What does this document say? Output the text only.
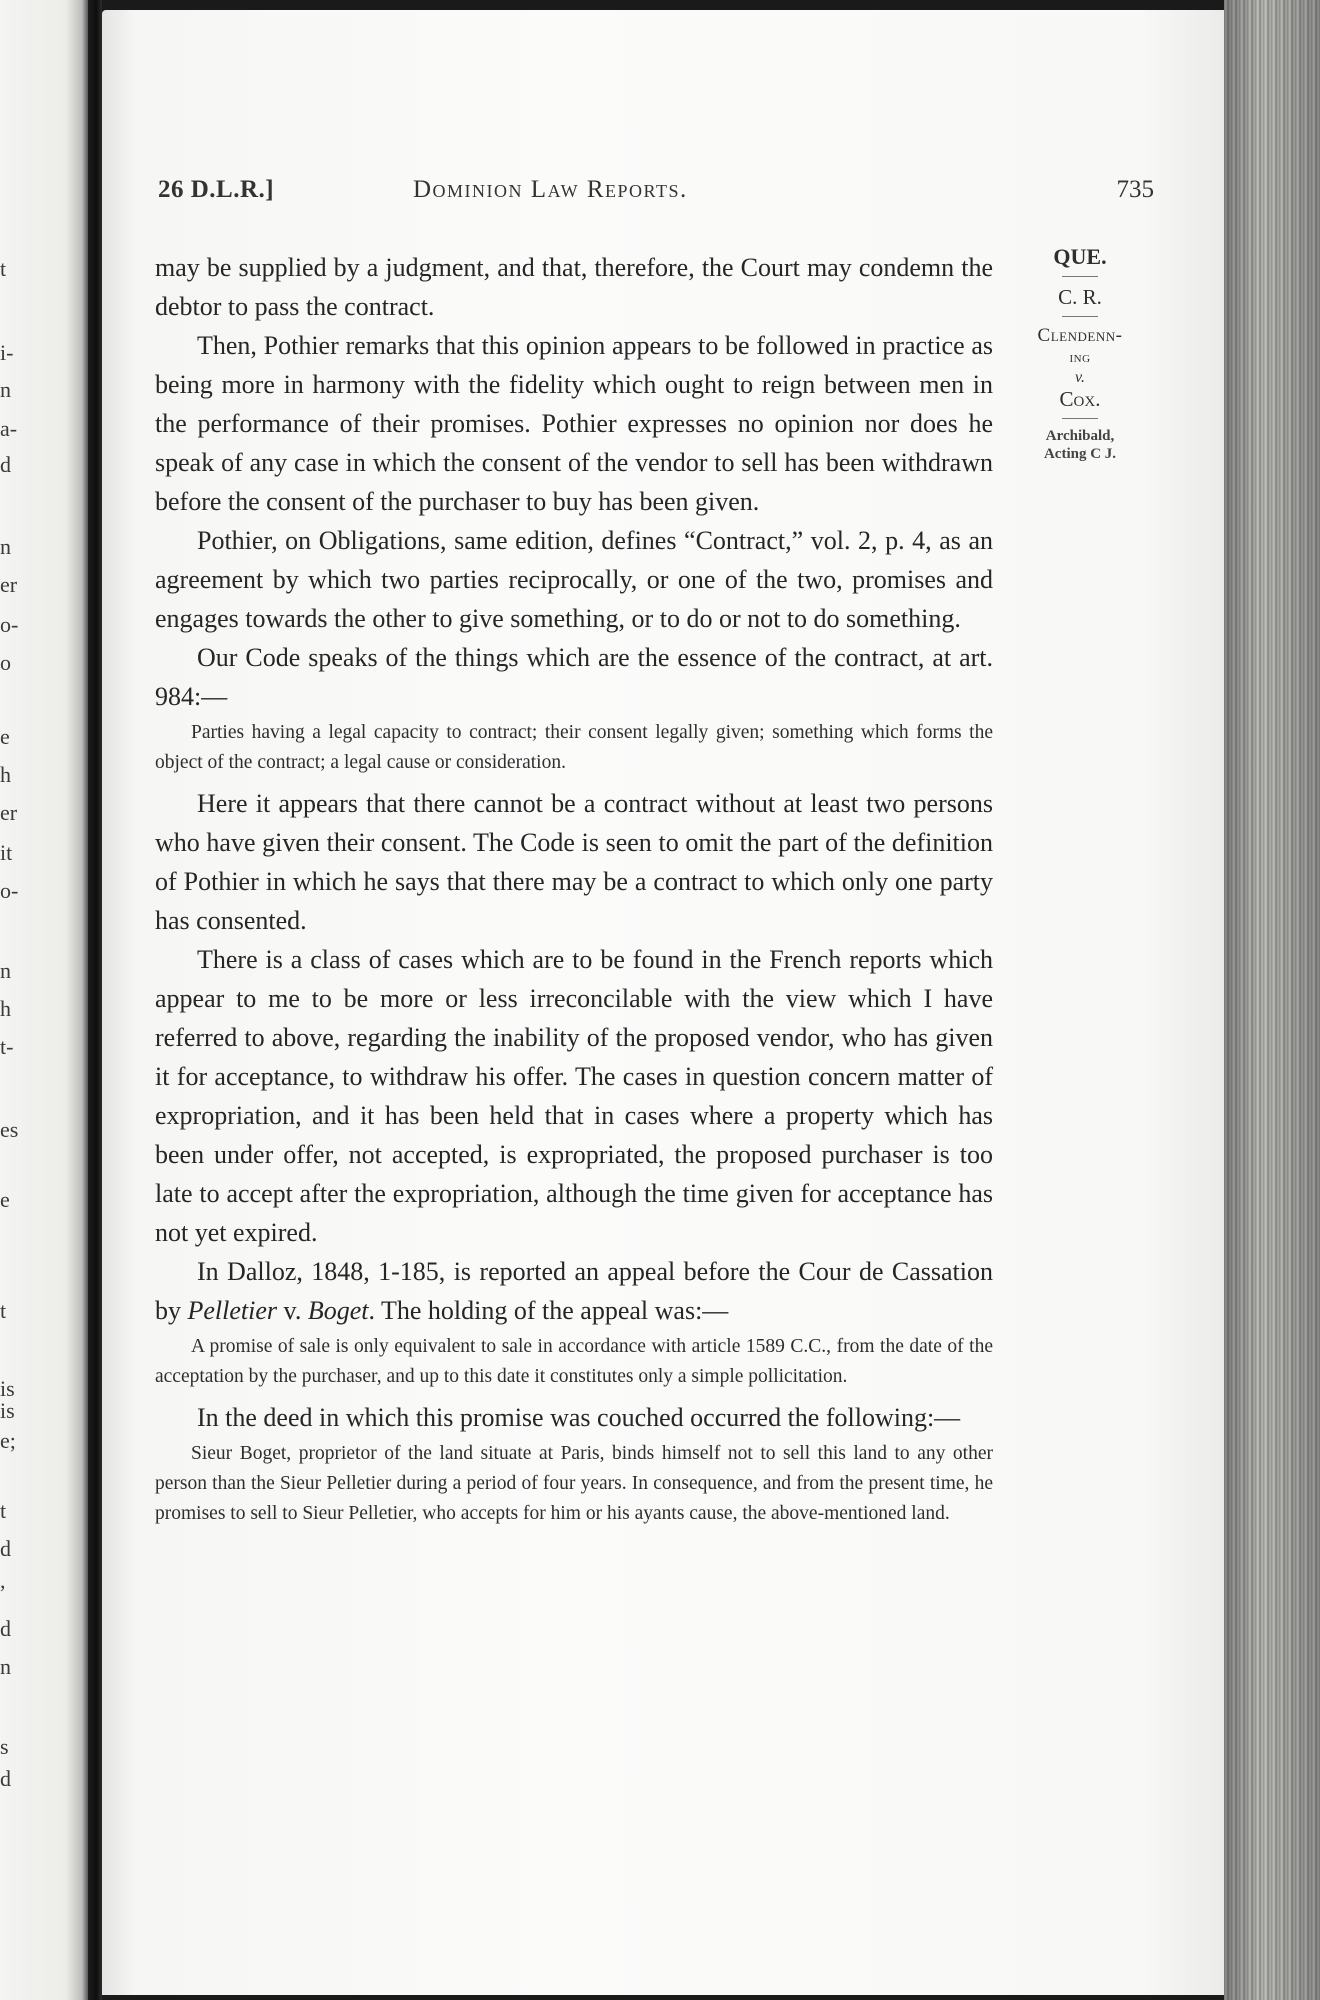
t
i-
n
a-
d
n
er
o-
o
e
h
er
it
o-
n
h
t-
es
e
t
is
is
e;
t
d
,
d
n
s
d
26 D.L.R.]	Dominion Law Reports.	735
QUE.
C. R.
Clendenn-
ing
v.
Cox.
Archibald,
Acting C J.

may be supplied by a judgment, and that, therefore, the Court may condemn the debtor to pass the contract.

Then, Pothier remarks that this opinion appears to be followed in practice as being more in harmony with the fidelity which ought to reign between men in the performance of their promises. Pothier expresses no opinion nor does he speak of any case in which the consent of the vendor to sell has been withdrawn before the consent of the purchaser to buy has been given.

Pothier, on Obligations, same edition, defines “Contract,” vol. 2, p. 4, as an agreement by which two parties reciprocally, or one of the two, promises and engages towards the other to give something, or to do or not to do something.

Our Code speaks of the things which are the essence of the contract, at art. 984:—

Parties having a legal capacity to contract; their consent legally given; something which forms the object of the contract; a legal cause or consideration.

Here it appears that there cannot be a contract without at least two persons who have given their consent. The Code is seen to omit the part of the definition of Pothier in which he says that there may be a contract to which only one party has consented.

There is a class of cases which are to be found in the French reports which appear to me to be more or less irreconcilable with the view which I have referred to above, regarding the inability of the proposed vendor, who has given it for acceptance, to withdraw his offer. The cases in question concern matter of expropriation, and it has been held that in cases where a property which has been under offer, not accepted, is expropriated, the proposed purchaser is too late to accept after the expropriation, although the time given for acceptance has not yet expired.

In Dalloz, 1848, 1-185, is reported an appeal before the Cour de Cassation by Pelletier v. Boget. The holding of the appeal was:—

A promise of sale is only equivalent to sale in accordance with article 1589 C.C., from the date of the acceptation by the purchaser, and up to this date it constitutes only a simple pollicitation.

In the deed in which this promise was couched occurred the following:—

Sieur Boget, proprietor of the land situate at Paris, binds himself not to sell this land to any other person than the Sieur Pelletier during a period of four years. In consequence, and from the present time, he promises to sell to Sieur Pelletier, who accepts for him or his ayants cause, the above-mentioned land.
